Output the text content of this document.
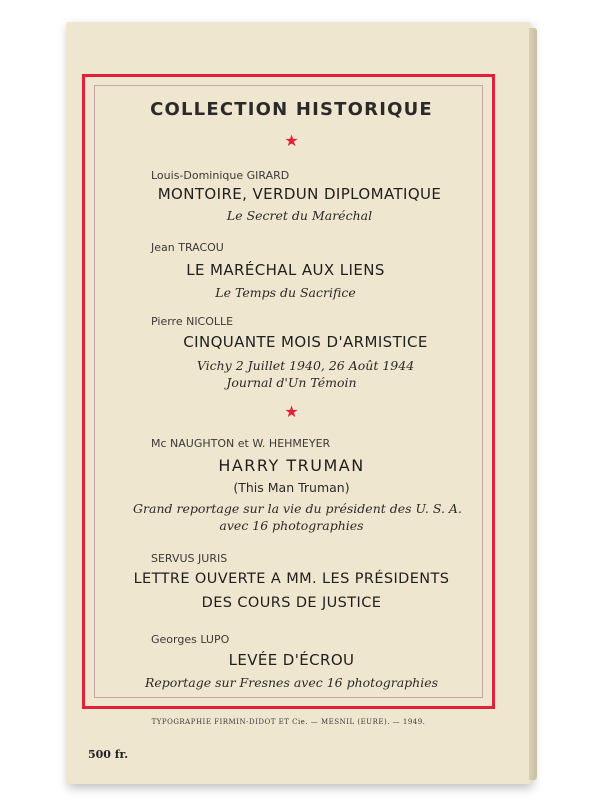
COLLECTION HISTORIQUE
★
Louis-Dominique GIRARD
MONTOIRE, VERDUN DIPLOMATIQUE
Le Secret du Maréchal
Jean TRACOU
LE MARÉCHAL AUX LIENS
Le Temps du Sacrifice
Pierre NICOLLE
CINQUANTE MOIS D'ARMISTICE
Vichy 2 Juillet 1940, 26 Août 1944
Journal d'Un Témoin
★
Mc NAUGHTON et W. HEHMEYER
HARRY TRUMAN
(This Man Truman)
Grand reportage sur la vie du président des U. S. A.
avec 16 photographies
SERVUS JURIS
LETTRE OUVERTE A MM. LES PRÉSIDENTS
DES COURS DE JUSTICE
Georges LUPO
LEVÉE D'ÉCROU
Reportage sur Fresnes avec 16 photographies
TYPOGRAPHIE FIRMIN-DIDOT ET Cie. — MESNIL (EURE). — 1949.
500 fr.
